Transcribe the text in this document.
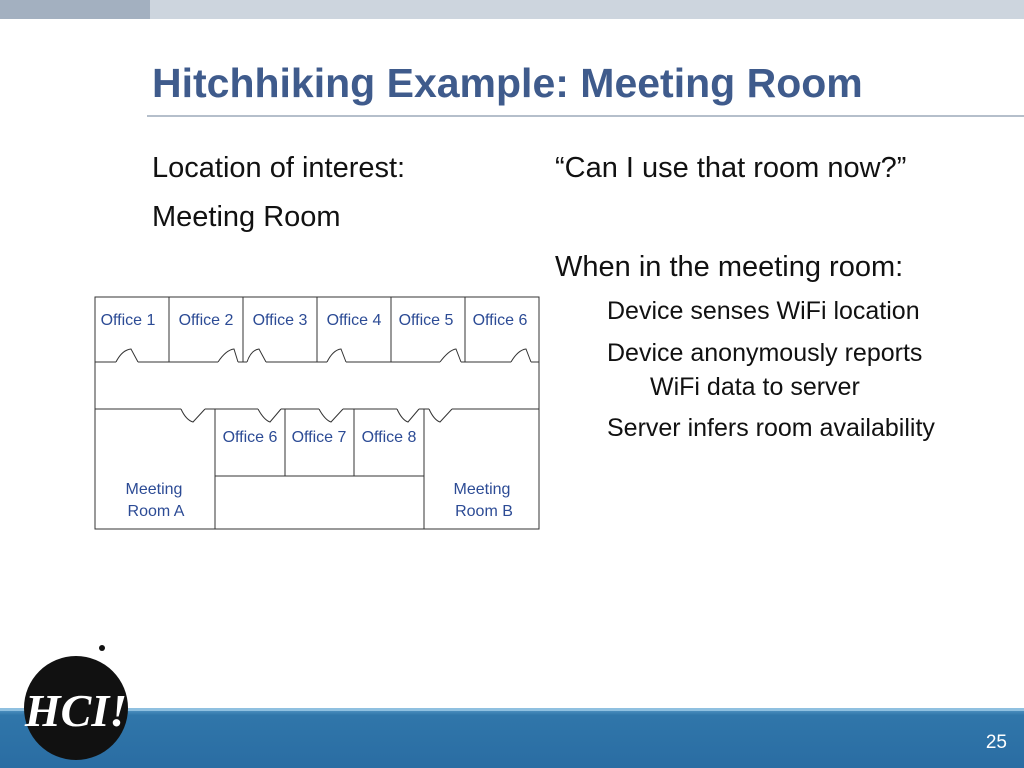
Hitchhiking Example: Meeting Room
Location of interest:
Meeting Room
“Can I use that room now?”
When in the meeting room:
Device senses WiFi location
Device anonymously reports
WiFi data to server
Server infers room availability
Office 1 Office 2 Office 3 Office 4 Office 5 Office 6
Office 6 Office 7 Office 8
Meeting
Room A
Meeting
Room B
25
HCI!
